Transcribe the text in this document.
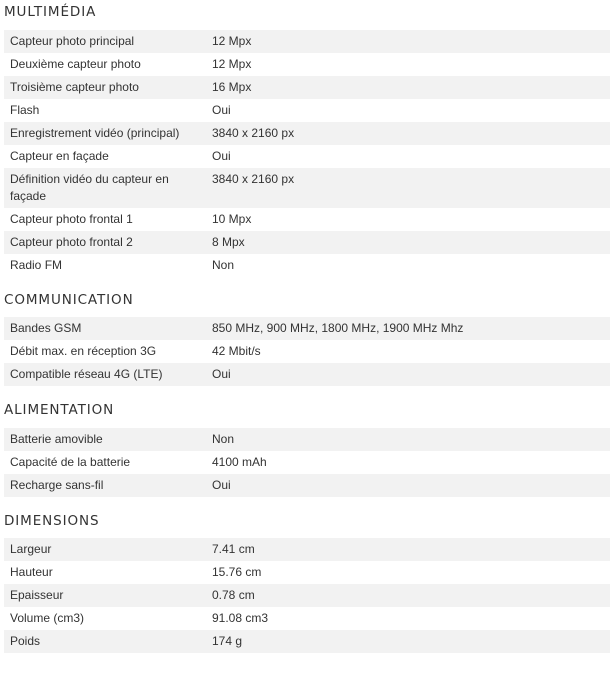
MULTIMÉDIA
Capteur photo principal	12 Mpx
Deuxième capteur photo	12 Mpx
Troisième capteur photo	16 Mpx
Flash	Oui
Enregistrement vidéo (principal)	3840 x 2160 px
Capteur en façade	Oui
Définition vidéo du capteur en façade	3840 x 2160 px
Capteur photo frontal 1	10 Mpx
Capteur photo frontal 2	8 Mpx
Radio FM	Non
COMMUNICATION
Bandes GSM	850 MHz, 900 MHz, 1800 MHz, 1900 MHz Mhz
Débit max. en réception 3G	42 Mbit/s
Compatible réseau 4G (LTE)	Oui
ALIMENTATION
Batterie amovible	Non
Capacité de la batterie	4100 mAh
Recharge sans-fil	Oui
DIMENSIONS
Largeur	7.41 cm
Hauteur	15.76 cm
Epaisseur	0.78 cm
Volume (cm3)	91.08 cm3
Poids	174 g
